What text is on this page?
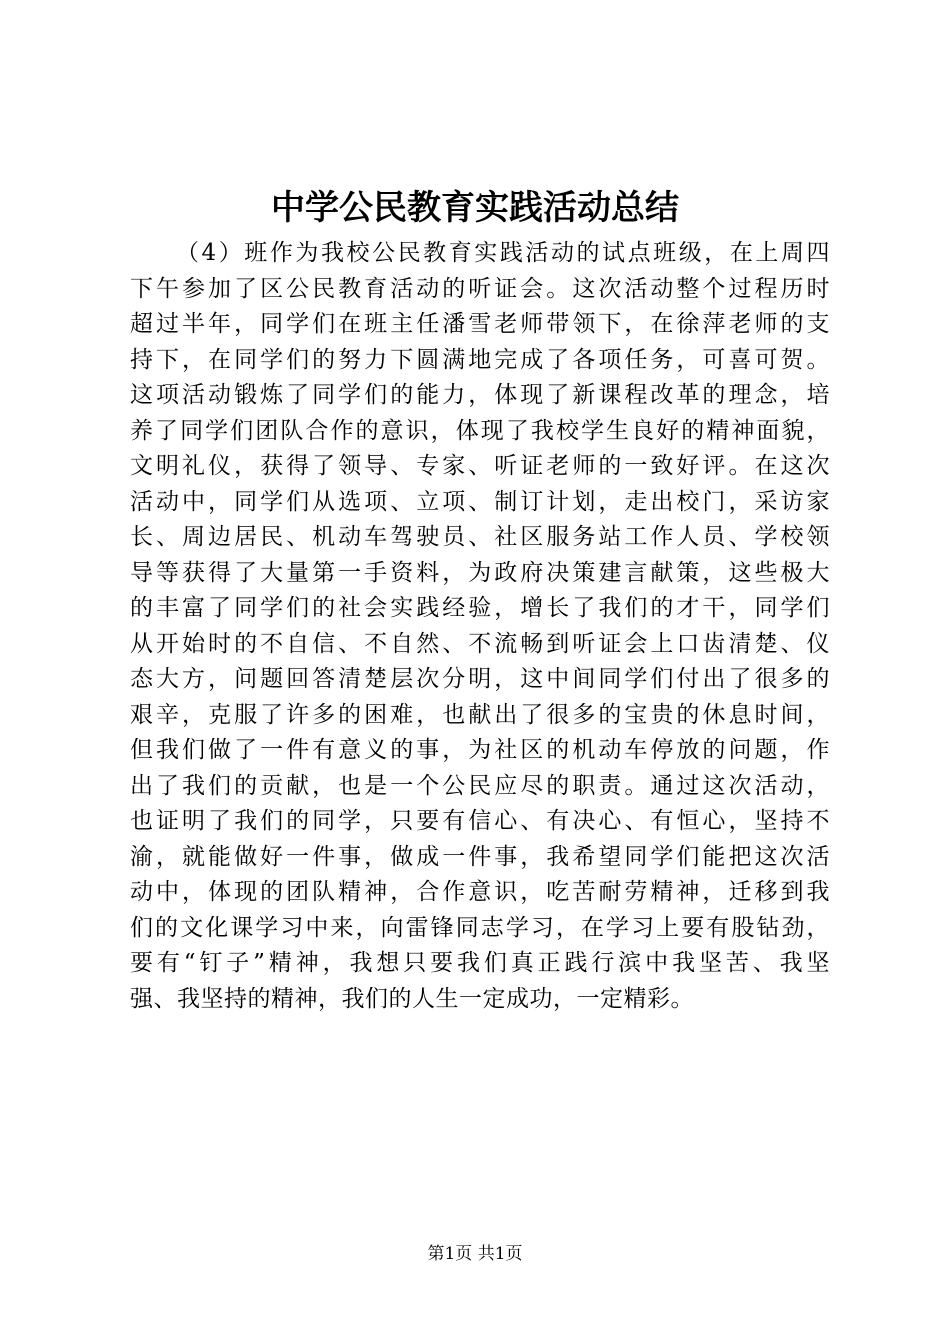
中学公民教育实践活动总结
（4）班作为我校公民教育实践活动的试点班级，在上周四
下午参加了区公民教育活动的听证会。这次活动整个过程历时
超过半年，同学们在班主任潘雪老师带领下，在徐萍老师的支
持下，在同学们的努力下圆满地完成了各项任务，可喜可贺。
这项活动锻炼了同学们的能力，体现了新课程改革的理念，培
养了同学们团队合作的意识，体现了我校学生良好的精神面貌，
文明礼仪，获得了领导、专家、听证老师的一致好评。在这次
活动中，同学们从选项、立项、制订计划，走出校门，采访家
长、周边居民、机动车驾驶员、社区服务站工作人员、学校领
导等获得了大量第一手资料，为政府决策建言献策，这些极大
的丰富了同学们的社会实践经验，增长了我们的才干，同学们
从开始时的不自信、不自然、不流畅到听证会上口齿清楚、仪
态大方，问题回答清楚层次分明，这中间同学们付出了很多的
艰辛，克服了许多的困难，也献出了很多的宝贵的休息时间，
但我们做了一件有意义的事，为社区的机动车停放的问题，作
出了我们的贡献，也是一个公民应尽的职责。通过这次活动，
也证明了我们的同学，只要有信心、有决心、有恒心，坚持不
渝，就能做好一件事，做成一件事，我希望同学们能把这次活
动中，体现的团队精神，合作意识，吃苦耐劳精神，迁移到我
们的文化课学习中来，向雷锋同志学习，在学习上要有股钻劲，
要有“钉子”精神，我想只要我们真正践行滨中我坚苦、我坚
强、我坚持的精神，我们的人生一定成功，一定精彩。
第1页 共1页
